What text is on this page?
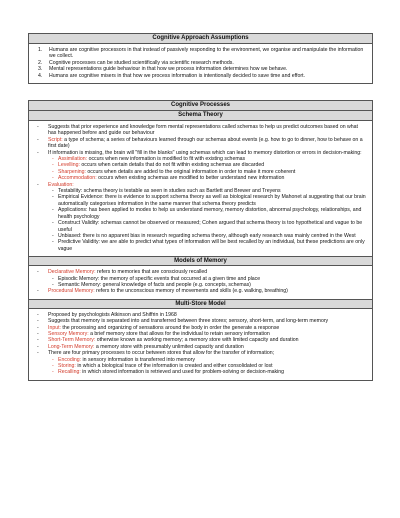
Cognitive Approach Assumptions
1. Humans are cognitive processors in that instead of passively responding to the environment, we organise and manipulate the information we collect.
2. Cognitive processes can be studied scientifically via scientific research methods.
3. Mental representations guide behaviour in that how we process information determines how we behave.
4. Humans are cognitive misers in that how we process information is intentionally decided to save time and effort.
Cognitive Processes
Schema Theory
- Suggests that prior experience and knowledge form mental representations called schemas to help us predict outcomes based on what has happened before and guide our behaviour
- Script: a type of schema; a series of behaviours learned through our schemas about events (e.g. how to go to dinner, how to behave on a first date)
- If information is missing, the brain will "fill in the blanks" using schemas which can lead to memory distortion or errors in decision-making:
- Assimilation: occurs when new information is modified to fit with existing schemas
- Levelling: occurs when certain details that do not fit within existing schemas are discarded
- Sharpening: occurs when details are added to the original information in order to make it more coherent
- Accommodation: occurs when existing schemas are modified to better understand new information
- Evaluation:
- Testability: schema theory is testable as seen in studies such as Bartlett and Brewer and Treyens
- Empirical Evidence: there is evidence to support schema theory as well as biological research by Mahonet al suggesting that our brain automatically categorises information in the same manner that schema theory predicts
- Applications: has been applied to modes to help us understand memory, memory distortion, abnormal psychology, relationships, and health psychology
- Construct Validity: schemas cannot be observed or measured; Cohen argued that schema theory is too hypothetical and vague to be useful
- Unbiased: there is no apparent bias in research regarding schema theory, although early research was mainly centred in the West
- Predictive Validity: we are able to predict what types of information will be best recalled by an individual, but these predictions are only vague
Models of Memory
- Declarative Memory: refers to memories that are consciously recalled
- Episodic Memory: the memory of specific events that occurred at a given time and place
- Semantic Memory: general knowledge of facts and people (e.g. concepts, schemas)
- Procedural Memory: refers to the unconscious memory of movements and skills (e.g. walking, breathing)
Multi-Store Model
- Proposed by psychologists Atkinson and Shiffrin in 1968
- Suggests that memory is separated into and transferred between three stores; sensory, short-term, and long-term memory
- Input: the processing and organizing of sensations around the body in order the generate a response
- Sensory Memory: a brief memory store that allows for the individual to retain sensory information
- Short-Term Memory: otherwise known as working memory; a memory store with limited capacity and duration
- Long-Term Memory: a memory store with presumably unlimited capacity and duration
- There are four primary processes to occur between stores that allow for the transfer of information;
- Encoding: in sensory information is transferred into memory
- Storing: in which a biological trace of the information is created and either consolidated or lost
- Recalling: in which stored information is retrieved and used for problem-solving or decision-making
